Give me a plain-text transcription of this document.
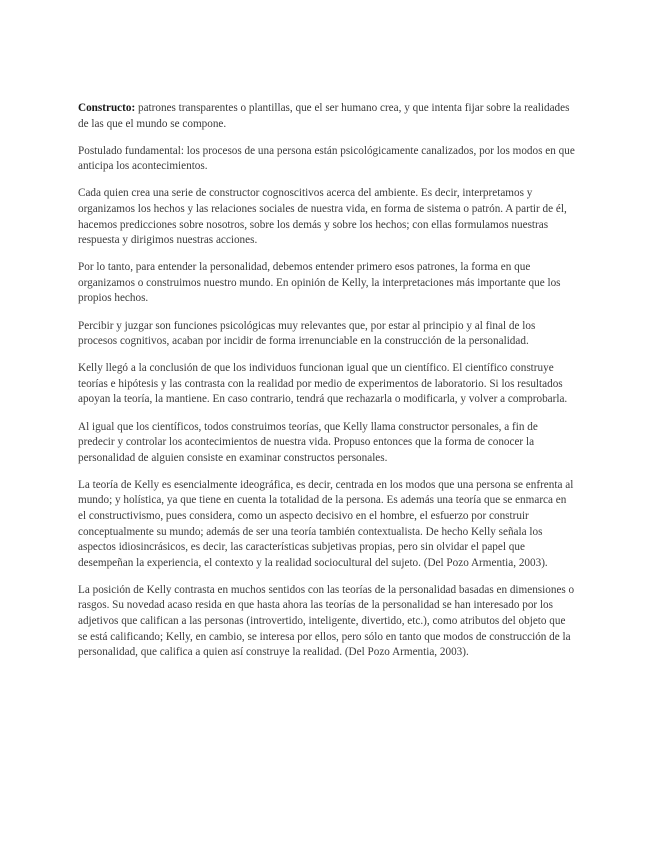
Constructo: patrones transparentes o plantillas, que el ser humano crea, y que intenta fijar sobre la realidades de las que el mundo se compone.

Postulado fundamental: los procesos de una persona están psicológicamente canalizados, por los modos en que anticipa los acontecimientos.

Cada quien crea una serie de constructor cognoscitivos acerca del ambiente. Es decir, interpretamos y organizamos los hechos y las relaciones sociales de nuestra vida, en forma de sistema o patrón. A partir de él, hacemos predicciones sobre nosotros, sobre los demás y sobre los hechos; con ellas formulamos nuestras respuesta y dirigimos nuestras acciones.

Por lo tanto, para entender la personalidad, debemos entender primero esos patrones, la forma en que organizamos o construimos nuestro mundo. En opinión de Kelly, la interpretaciones más importante que los propios hechos.

Percibir y juzgar son funciones psicológicas muy relevantes que, por estar al principio y al final de los procesos cognitivos, acaban por incidir de forma irrenunciable en la construcción de la personalidad.

Kelly llegó a la conclusión de que los individuos funcionan igual que un científico. El científico construye teorías e hipótesis y las contrasta con la realidad por medio de experimentos de laboratorio. Si los resultados apoyan la teoría, la mantiene. En caso contrario, tendrá que rechazarla o modificarla, y volver a comprobarla.

Al igual que los científicos, todos construimos teorías, que Kelly llama constructor personales, a fin de predecir y controlar los acontecimientos de nuestra vida. Propuso entonces que la forma de conocer la personalidad de alguien consiste en examinar constructos personales.

La teoría de Kelly es esencialmente ideográfica, es decir, centrada en los modos que una persona se enfrenta al mundo; y holística, ya que tiene en cuenta la totalidad de la persona. Es además una teoría que se enmarca en el constructivismo, pues considera, como un aspecto decisivo en el hombre, el esfuerzo por construir conceptualmente su mundo; además de ser una teoría también contextualista. De hecho Kelly señala los aspectos idiosincrásicos, es decir, las características subjetivas propias, pero sin olvidar el papel que desempeñan la experiencia, el contexto y la realidad sociocultural del sujeto. (Del Pozo Armentia, 2003).

La posición de Kelly contrasta en muchos sentidos con las teorías de la personalidad basadas en dimensiones o rasgos. Su novedad acaso resida en que hasta ahora las teorías de la personalidad se han interesado por los adjetivos que califican a las personas (introvertido, inteligente, divertido, etc.), como atributos del objeto que se está calificando; Kelly, en cambio, se interesa por ellos, pero sólo en tanto que modos de construcción de la personalidad, que califica a quien así construye la realidad. (Del Pozo Armentia, 2003).
